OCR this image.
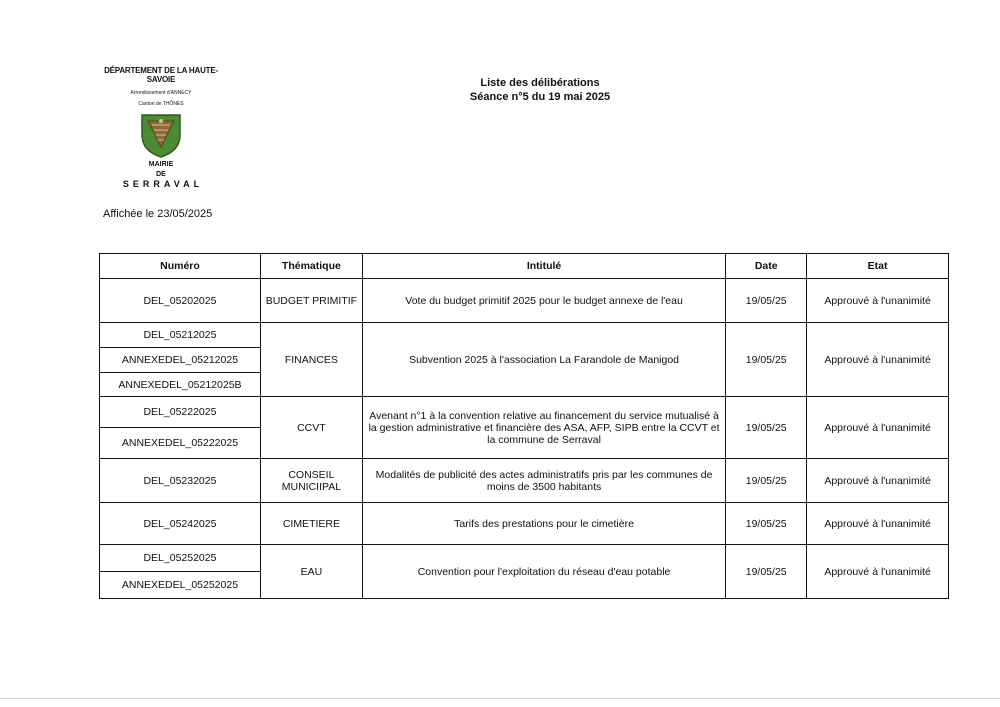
DÉPARTEMENT DE LA HAUTE-SAVOIE
Arrondissement d'ANNECY
Canton de THÔNES
MAIRIE
DE
SERRAVAL
Liste des délibérations
Séance n°5 du 19 mai 2025
Affichée le 23/05/2025
Numéro	Thématique	Intitulé	Date	Etat
DEL_05202025	BUDGET PRIMITIF	Vote du budget primitif 2025 pour le budget annexe de l'eau	19/05/25	Approuvé à l'unanimité
DEL_05212025	FINANCES	Subvention 2025 à l'association La Farandole de Manigod	19/05/25	Approuvé à l'unanimité
ANNEXEDEL_05212025				
ANNEXEDEL_05212025B				
DEL_05222025	CCVT	Avenant n°1 à la convention relative au financement du service mutualisé à la gestion administrative et financière des ASA, AFP, SIPB entre la CCVT et la commune de Serraval	19/05/25	Approuvé à l'unanimité
ANNEXEDEL_05222025				
DEL_05232025	CONSEIL MUNICIIPAL	Modalités de publicité des actes administratifs pris par les communes de moins de 3500 habitants	19/05/25	Approuvé à l'unanimité
DEL_05242025	CIMETIERE	Tarifs des prestations pour le cimetière	19/05/25	Approuvé à l'unanimité
DEL_05252025	EAU	Convention pour l'exploitation du réseau d'eau potable	19/05/25	Approuvé à l'unanimité
ANNEXEDEL_05252025				
